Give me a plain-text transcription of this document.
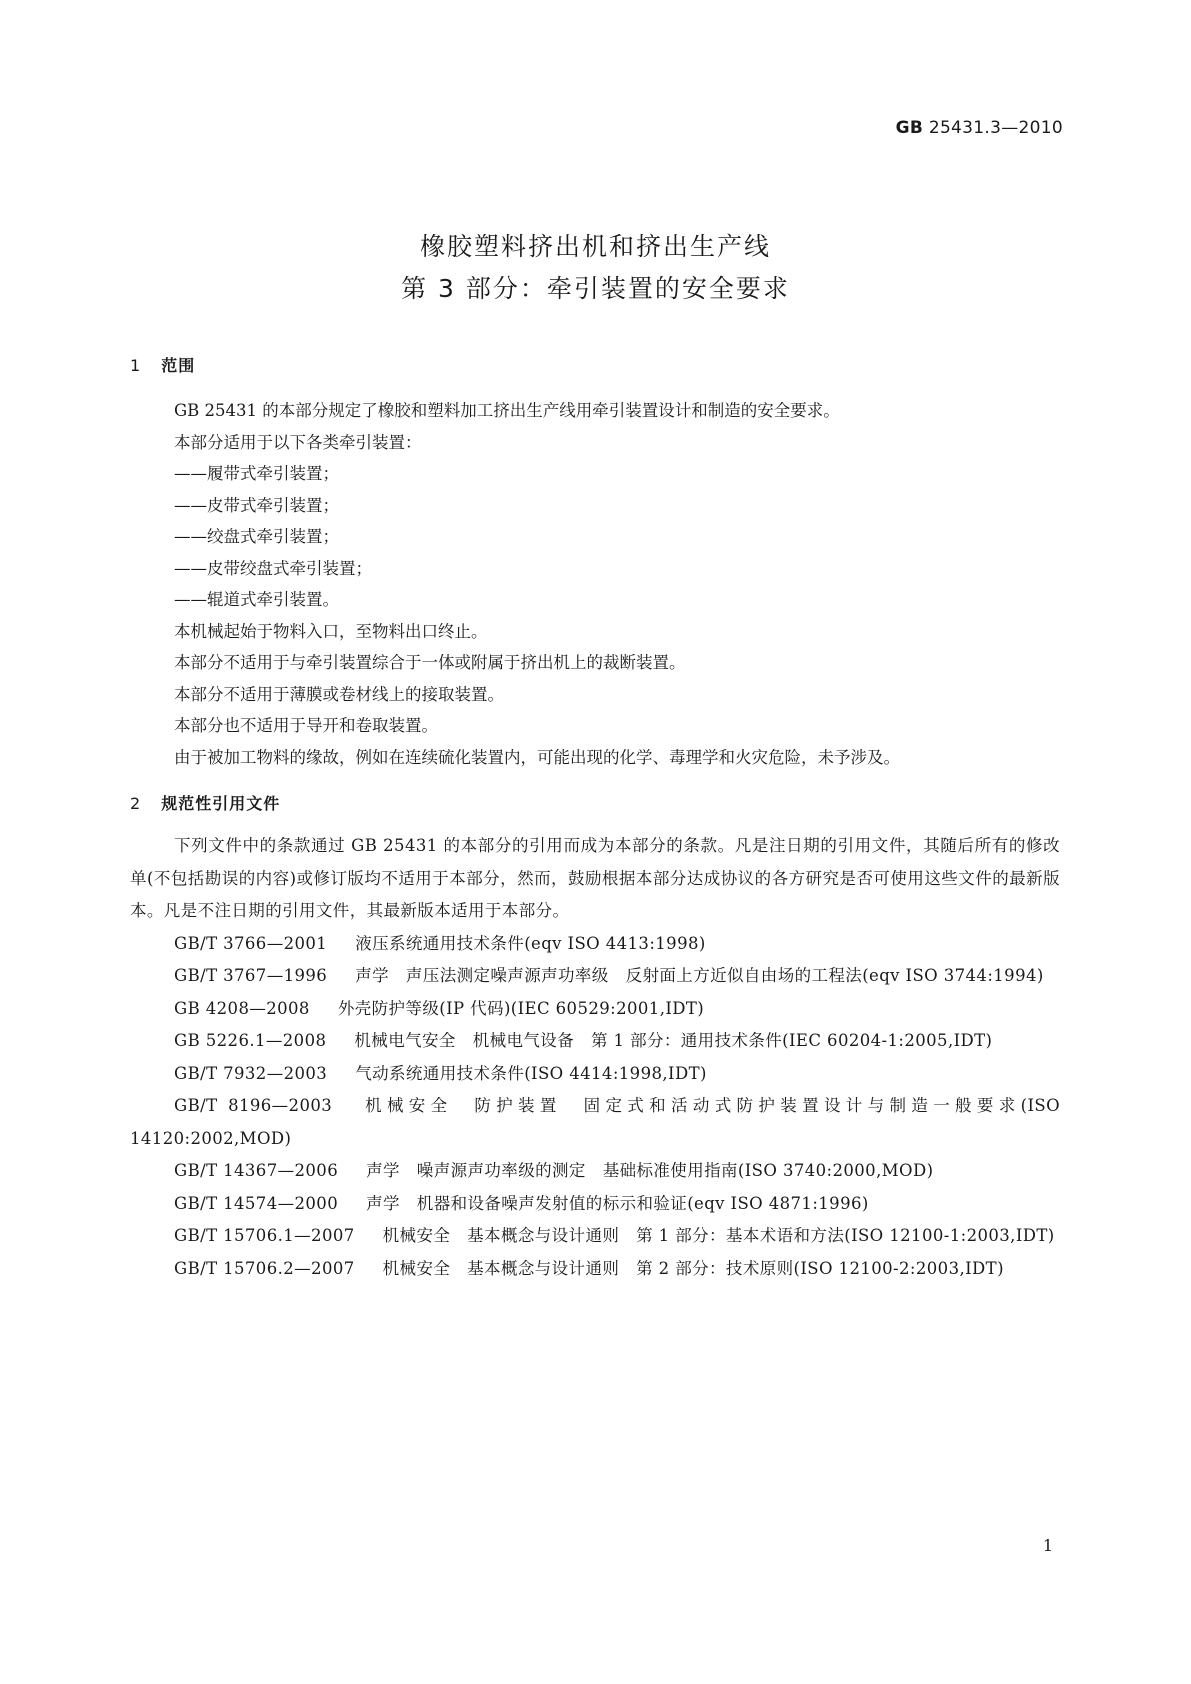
GB 25431.3—2010
橡胶塑料挤出机和挤出生产线
第 3 部分：牵引装置的安全要求
1 范围

GB 25431 的本部分规定了橡胶和塑料加工挤出生产线用牵引装置设计和制造的安全要求。

本部分适用于以下各类牵引装置：

——履带式牵引装置；

——皮带式牵引装置；

——绞盘式牵引装置；

——皮带绞盘式牵引装置；

——辊道式牵引装置。

本机械起始于物料入口，至物料出口终止。

本部分不适用于与牵引装置综合于一体或附属于挤出机上的裁断装置。

本部分不适用于薄膜或卷材线上的接取装置。

本部分也不适用于导开和卷取装置。

由于被加工物料的缘故，例如在连续硫化装置内，可能出现的化学、毒理学和火灾危险，未予涉及。

2 规范性引用文件

下列文件中的条款通过 GB 25431 的本部分的引用而成为本部分的条款。凡是注日期的引用文件，其随后所有的修改单(不包括勘误的内容)或修订版均不适用于本部分，然而，鼓励根据本部分达成协议的各方研究是否可使用这些文件的最新版本。凡是不注日期的引用文件，其最新版本适用于本部分。

GB/T 3766—2001 液压系统通用技术条件(eqv ISO 4413:1998)

GB/T 3767—1996 声学　声压法测定噪声源声功率级　反射面上方近似自由场的工程法(eqv ISO 3744:1994)

GB 4208—2008 外壳防护等级(IP 代码)(IEC 60529:2001,IDT)

GB 5226.1—2008 机械电气安全　机械电气设备　第 1 部分：通用技术条件(IEC 60204-1:2005,IDT)

GB/T 7932—2003 气动系统通用技术条件(ISO 4414:1998,IDT)

GB/T 8196—2003 机械安全　防护装置　固定式和活动式防护装置设计与制造一般要求(ISO 14120:2002,MOD)

GB/T 14367—2006 声学　噪声源声功率级的测定　基础标准使用指南(ISO 3740:2000,MOD)

GB/T 14574—2000 声学　机器和设备噪声发射值的标示和验证(eqv ISO 4871:1996)

GB/T 15706.1—2007 机械安全　基本概念与设计通则　第 1 部分：基本术语和方法(ISO 12100-1:2003,IDT)

GB/T 15706.2—2007 机械安全　基本概念与设计通则　第 2 部分：技术原则(ISO 12100-2:2003,IDT)

1
